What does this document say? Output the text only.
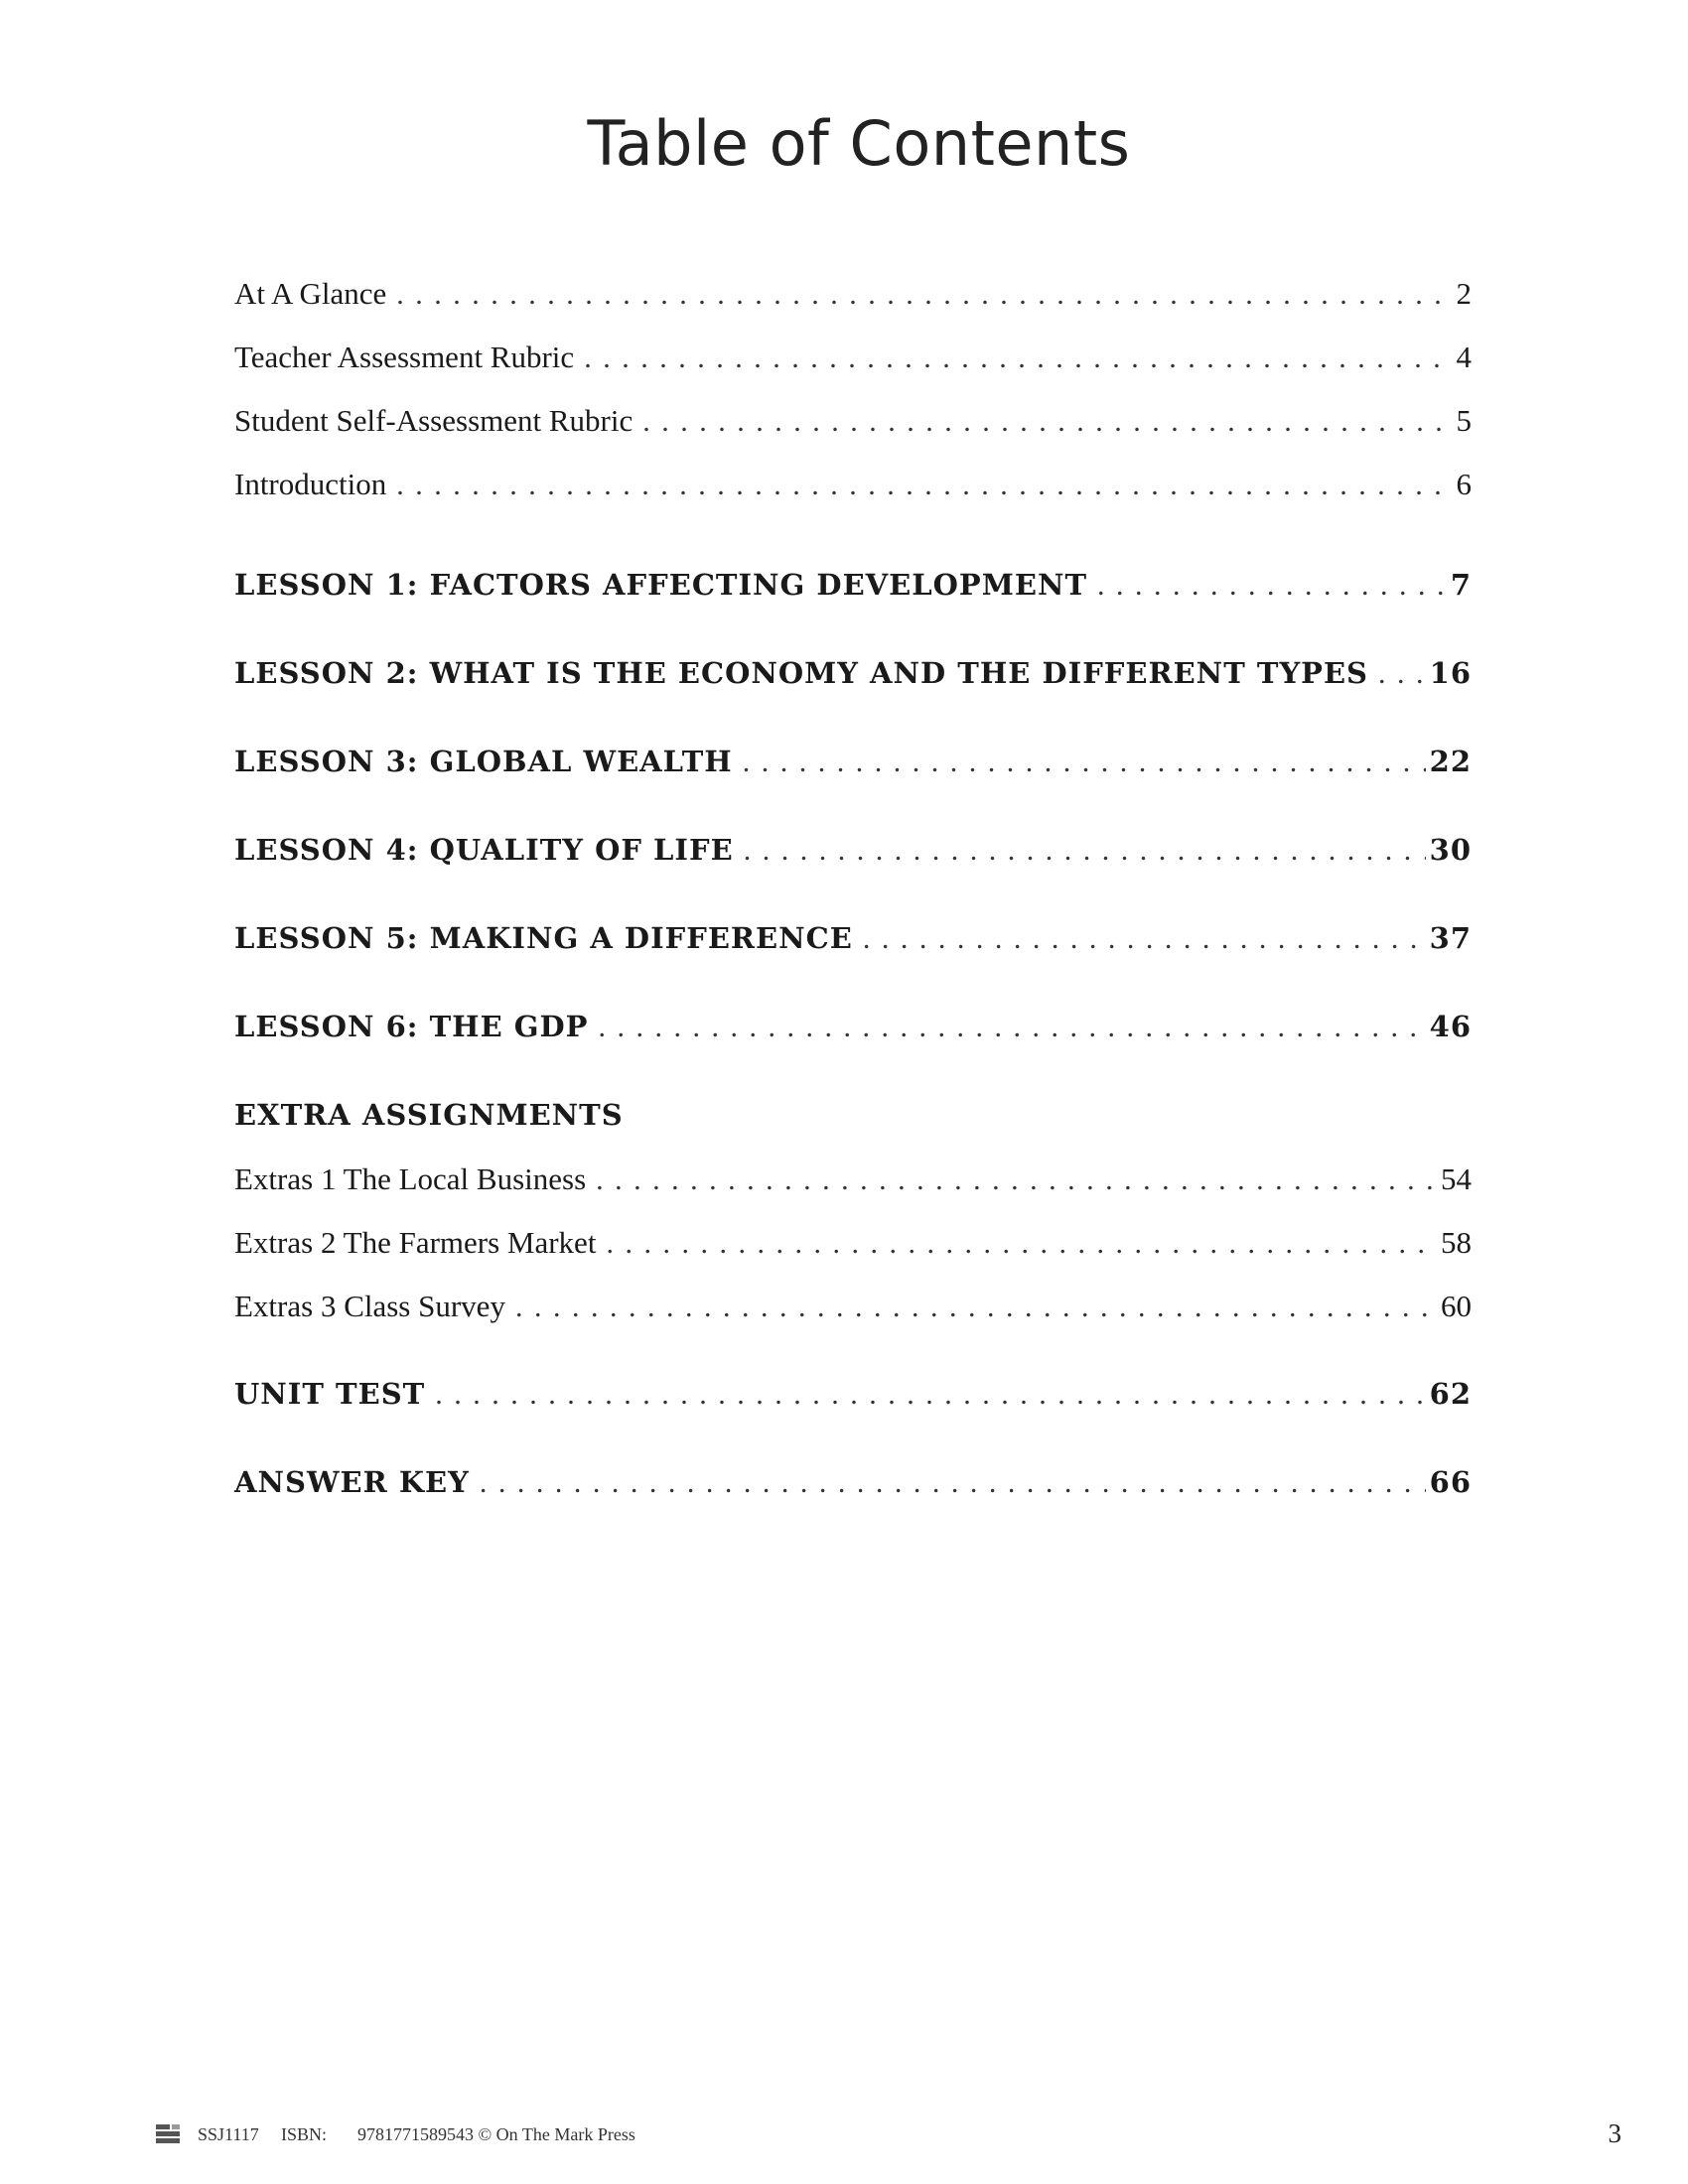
Table of Contents
At A Glance . . .	2
Teacher Assessment Rubric . . .	4
Student Self-Assessment Rubric . . .	5
Introduction . . .	6
LESSON 1: FACTORS AFFECTING DEVELOPMENT . . .	7
LESSON 2: WHAT IS THE ECONOMY AND THE DIFFERENT TYPES . . .	16
LESSON 3: GLOBAL WEALTH . . .	22
LESSON 4: QUALITY OF LIFE . . .	30
LESSON 5: MAKING A DIFFERENCE . . .	37
LESSON 6: THE GDP . . .	46
EXTRA ASSIGNMENTS
Extras 1 The Local Business . . .	54
Extras 2 The Farmers Market . . .	58
Extras 3 Class Survey . . .	60
UNIT TEST . . .	62
ANSWER KEY . . .	66
SSJ1117 ISBN: 9781771589543 © On The Mark Press	3
